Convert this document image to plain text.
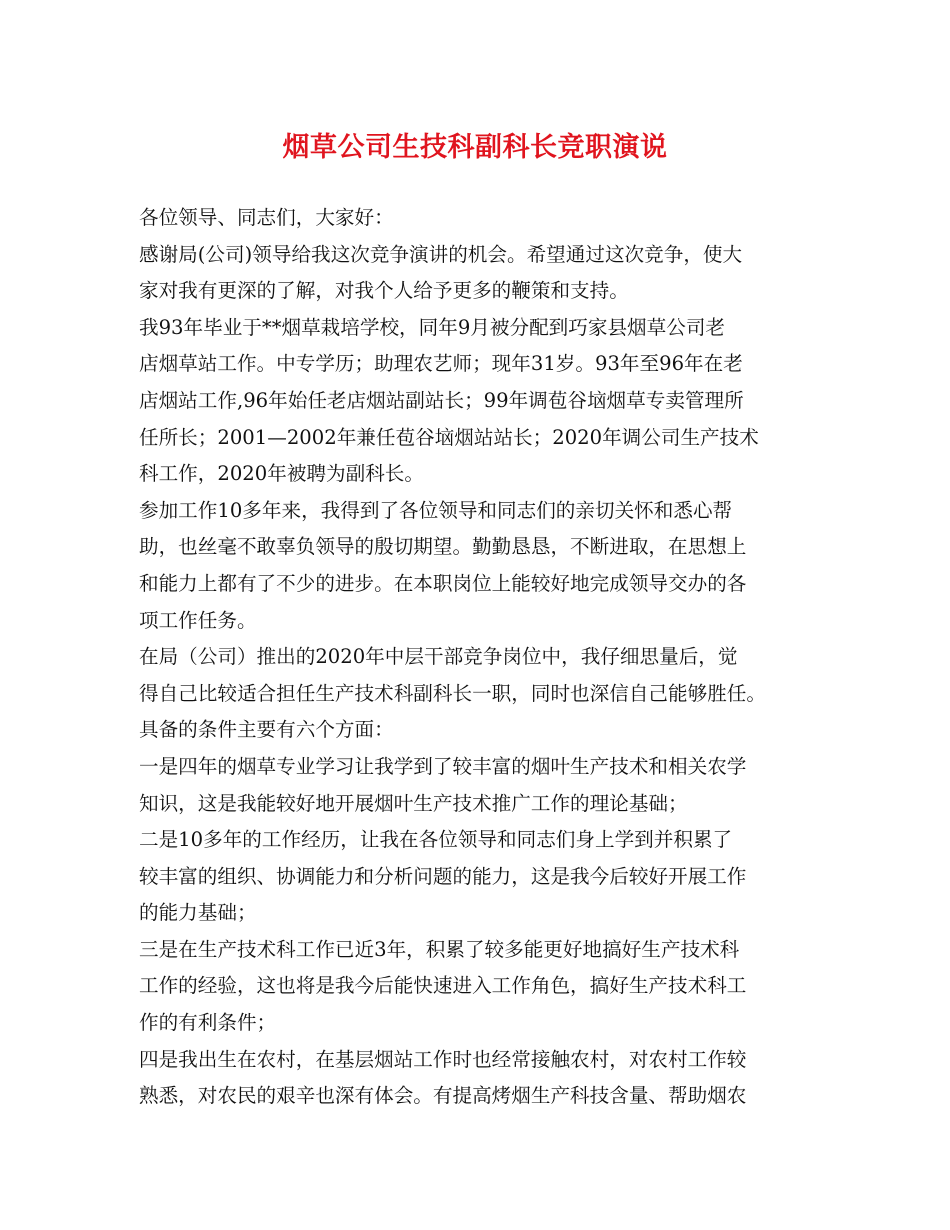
烟草公司生技科副科长竞职演说
各位领导、同志们，大家好：
感谢局(公司)领导给我这次竞争演讲的机会。希望通过这次竞争，使大
家对我有更深的了解，对我个人给予更多的鞭策和支持。
我93年毕业于**烟草栽培学校，同年9月被分配到巧家县烟草公司老
店烟草站工作。中专学历；助理农艺师；现年31岁。93年至96年在老
店烟站工作,96年始任老店烟站副站长；99年调苞谷垴烟草专卖管理所
任所长；2001—2002年兼任苞谷垴烟站站长；2020年调公司生产技术
科工作，2020年被聘为副科长。
参加工作10多年来，我得到了各位领导和同志们的亲切关怀和悉心帮
助，也丝毫不敢辜负领导的殷切期望。勤勤恳恳，不断进取，在思想上
和能力上都有了不少的进步。在本职岗位上能较好地完成领导交办的各
项工作任务。
在局（公司）推出的2020年中层干部竞争岗位中，我仔细思量后，觉
得自己比较适合担任生产技术科副科长一职，同时也深信自己能够胜任。
具备的条件主要有六个方面：
一是四年的烟草专业学习让我学到了较丰富的烟叶生产技术和相关农学
知识，这是我能较好地开展烟叶生产技术推广工作的理论基础；
二是10多年的工作经历，让我在各位领导和同志们身上学到并积累了
较丰富的组织、协调能力和分析问题的能力，这是我今后较好开展工作
的能力基础；
三是在生产技术科工作已近3年，积累了较多能更好地搞好生产技术科
工作的经验，这也将是我今后能快速进入工作角色，搞好生产技术科工
作的有利条件；
四是我出生在农村，在基层烟站工作时也经常接触农村，对农村工作较
熟悉，对农民的艰辛也深有体会。有提高烤烟生产科技含量、帮助烟农
